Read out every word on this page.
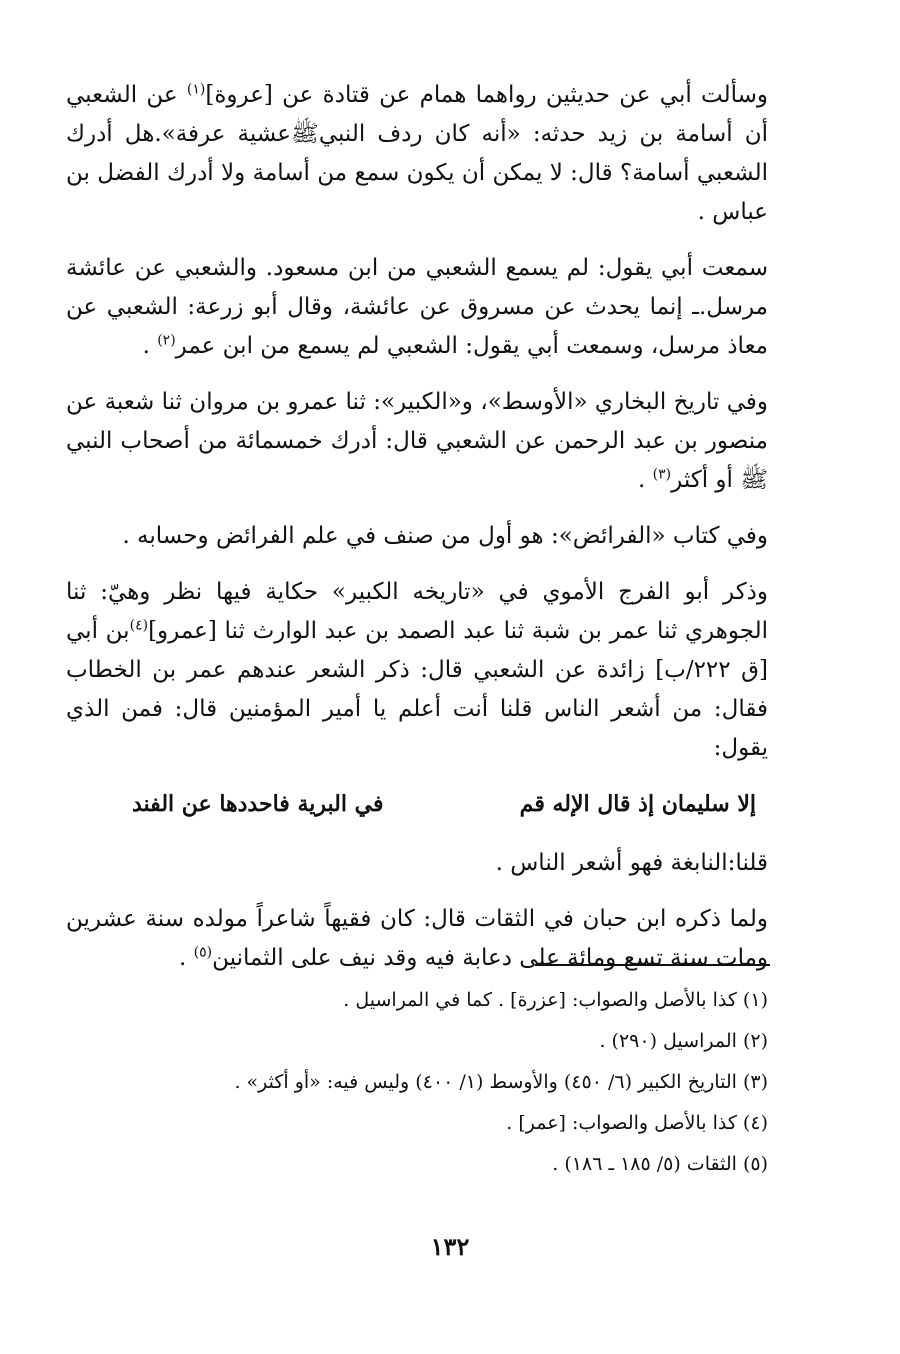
وسألت أبي عن حديثين رواهما همام عن قتادة عن [عروة]$^{(١)}$ عن الشعبي أن أسامة بن زيد حدثه: «أنه كان ردف النبيﷺعشية عرفة».هل أدرك الشعبي أسامة؟ قال: لا يمكن أن يكون سمع من أسامة ولا أدرك الفضل بن عباس .

سمعت أبي يقول: لم يسمع الشعبي من ابن مسعود. والشعبي عن عائشة مرسل.ـ إنما يحدث عن مسروق عن عائشة، وقال أبو زرعة: الشعبي عن معاذ مرسل، وسمعت أبي يقول: الشعبي لم يسمع من ابن عمر$^{(٢)}$ .

وفي تاريخ البخاري «الأوسط»، و«الكبير»: ثنا عمرو بن مروان ثنا شعبة عن منصور بن عبد الرحمن عن الشعبي قال: أدرك خمسمائة من أصحاب النبي ﷺ أو أكثر$^{(٣)}$ .

وفي كتاب «الفرائض»: هو أول من صنف في علم الفرائض وحسابه .

وذكر أبو الفرج الأموي في «تاريخه الكبير» حكاية فيها نظر وهيّ: ثنا الجوهري ثنا عمر بن شبة ثنا عبد الصمد بن عبد الوارث ثنا [عمرو]$^{(٤)}$بن أبي [ق ٢٢٢/ب] زائدة عن الشعبي قال: ذكر الشعر عندهم عمر بن الخطاب فقال: من أشعر الناس قلنا أنت أعلم يا أمير المؤمنين قال: فمن الذي يقول:

إلا سليمان إذ قال الإله قم
في البرية فاحددها عن الفند

قلنا:النابغة فهو أشعر الناس .

ولما ذكره ابن حبان في الثقات قال: كان فقيهاً شاعراً مولده سنة عشرين ومات سنة تسع ومائة على دعابة فيه وقد نيف على الثمانين$^{(٥)}$ .

(١) كذا بالأصل والصواب: [عزرة] . كما في المراسيل .

(٢) المراسيل (٢٩٠) .

(٣) التاريخ الكبير (٦/ ٤٥٠) والأوسط (١/ ٤٠٠) وليس فيه: «أو أكثر» .

(٤) كذا بالأصل والصواب: [عمر] .

(٥) الثقات (٥/ ١٨٥ ـ ١٨٦) .

١٣٢
